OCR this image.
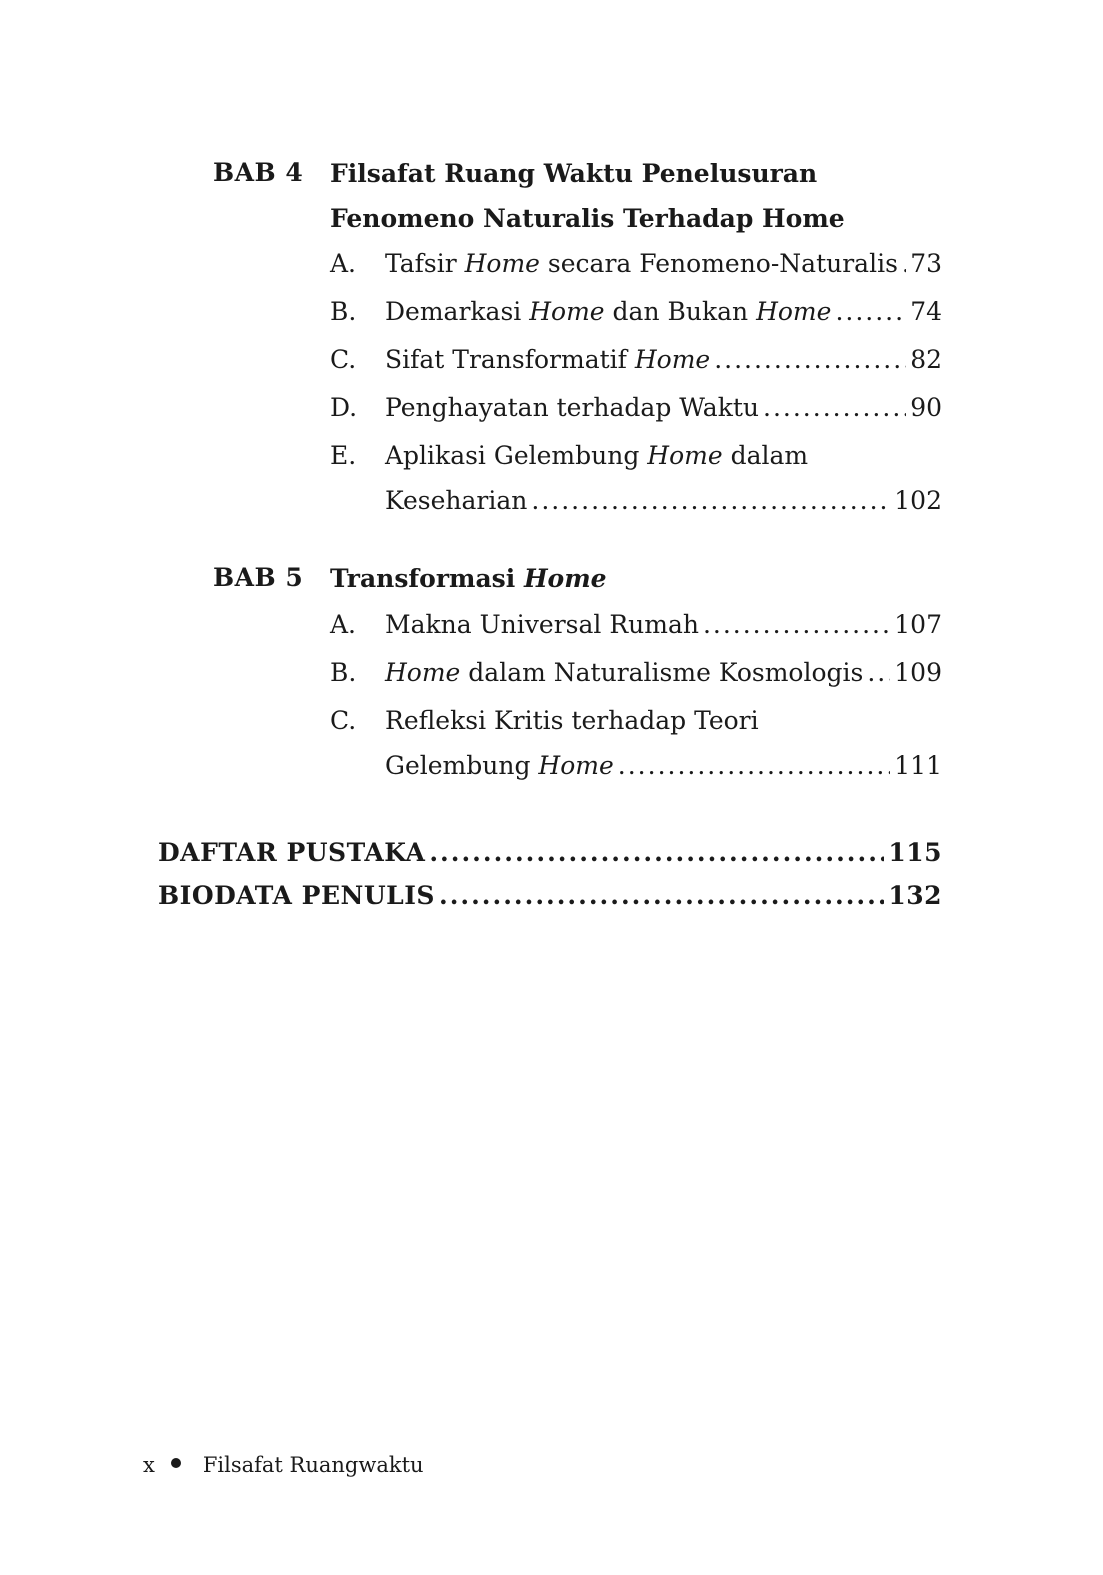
BAB 4 Filsafat Ruang Waktu Penelusuran
Fenomeno Naturalis Terhadap Home
A. Tafsir Home secara Fenomeno-Naturalis ..... 73
B. Demarkasi Home dan Bukan Home .....	74
C. Sifat Transformatif Home .....	82
D. Penghayatan terhadap Waktu .....	90
E. Aplikasi Gelembung Home dalam
Keseharian .....	102
BAB 5 Transformasi Home
A. Makna Universal Rumah .....	107
B. Home dalam Naturalisme Kosmologis ..... 109
C. Refleksi Kritis terhadap Teori
Gelembung Home .....	111
DAFTAR PUSTAKA .....	115
BIODATA PENULIS .....	132
x Filsafat Ruangwaktu
